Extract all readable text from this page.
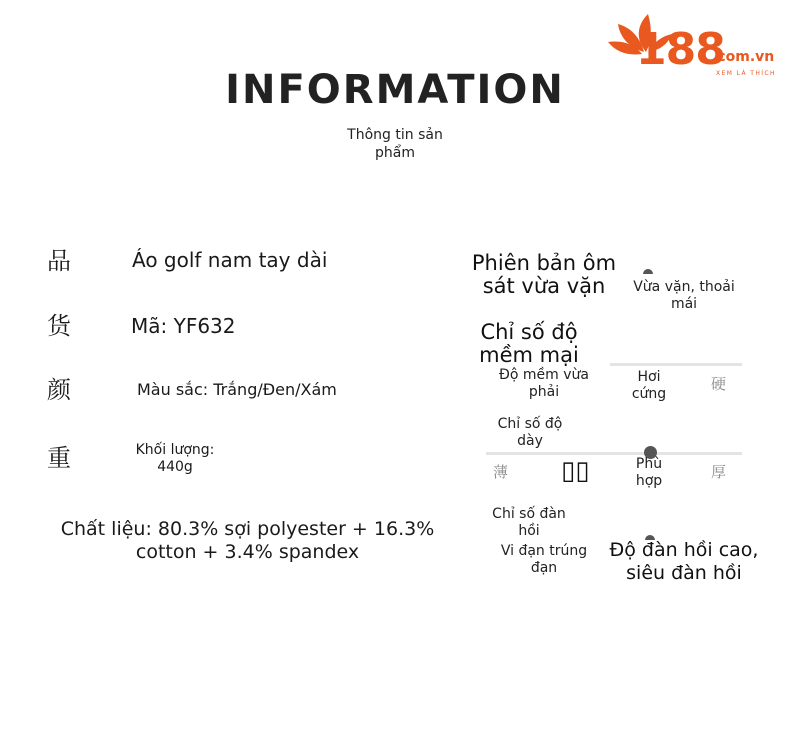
188
.com.vn
XEM LÀ THÍCH
INFORMATION
Thông tin sản phẩm
品	Áo golf nam tay dài
货	Mã: YF632
颜	Màu sắc: Trắng/Đen/Xám
重	Khối lượng: 440g
Chất liệu: 80.3% sợi polyester + 16.3% cotton + 3.4% spandex
Phiên bản ôm sát vừa vặn	Vừa vặn, thoải mái
Chỉ số độ mềm mại
Độ mềm vừa phải
Hơi cứng
硬
Chỉ số độ dày
薄 ▯▯	Phù hợp	厚
Chỉ số đàn hồi
Vi đạn trúng đạn
Độ đàn hồi cao, siêu đàn hồi
